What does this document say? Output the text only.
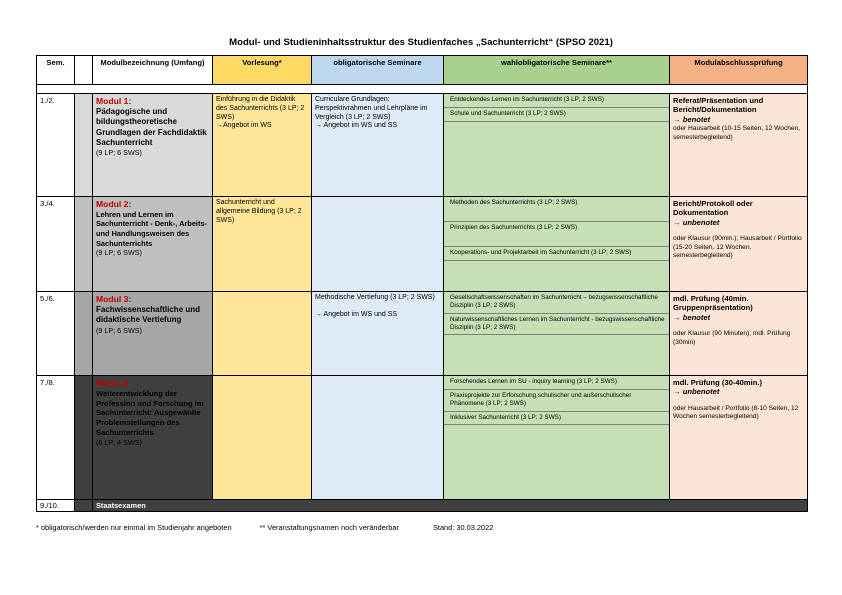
Modul- und Studieninhaltsstruktur des Studienfaches „Sachunterricht“ (SPSO 2021)
Sem.		Modulbezeichnung (Umfang)	Vorlesung*	obligatorische Seminare	wahlobligatorische Seminare**	Modulabschlussprüfung

1./2.		Modul 1:
Pädagogische und bildungstheoretische Grundlagen der Fachdidaktik Sachunterricht
(9 LP; 6 SWS)	Einführung in die Didaktik des Sachunterrichts (3 LP; 2 SWS)
→Angebot im WS	Curriculare Grundlagen: Perspektivrahmen und Lehrpläne im Vergleich (3 LP; 2 SWS)
→ Angebot im WS und SS	Entdeckendes Lernen im Sachunterricht (3 LP; 2 SWS)
Schule und Sachunterricht (3 LP; 2 SWS)	Referat/Präsentation und Bericht/Dokumentation
→ benotet
oder Hausarbeit (10-15 Seiten, 12 Wochen, semesterbegleitend)

3./4.		Modul 2:
Lehren und Lernen im Sachunterricht - Denk-, Arbeits- und Handlungsweisen des Sachunterrichts
(9 LP; 6 SWS)	Sachunterricht und allgemeine Bildung (3 LP; 2 SWS)		Methoden des Sachunterrichts (3 LP; 2 SWS)
Prinzipien des Sachunterrichts (3 LP; 2 SWS)
Kooperations- und Projektarbeit im Sachunterricht (3 LP; 2 SWS)	Bericht/Protokoll oder Dokumentation
→ unbenotet
oder Klausur (90min.); Hausarbeit / Portfolio (15-20 Seiten, 12 Wochen, semesterbegleitend)

5./6.		Modul 3:
Fachwissenschaftliche und didaktische Vertiefung
(9 LP; 6 SWS)		Methodische Vertiefung (3 LP; 2 SWS)
→ Angebot im WS und SS	Gesellschaftswissenschaften im Sachunterricht – bezugswissenschaftliche Disziplin (3 LP; 2 SWS)
Naturwissenschaftliches Lernen im Sachunterricht - bezugswissenschaftliche Disziplin (3 LP; 2 SWS)	mdl. Prüfung (40min. Gruppenpräsentation)
→ benotet
oder Klausur (90 Minuten); mdl. Prüfung (30min)

7./8.		Modul 4:
Weiterentwicklung der Profession und Forschung im Sachunterricht: Ausgewählte Problemstellungen des Sachunterrichts
(6 LP; 4 SWS)			Forschendes Lernen im SU - inquiry learning (3 LP; 2 SWS)
Praxisprojekte zur Erforschung schulischer und außerschulischer Phänomene (3 LP; 2 SWS)
Inklusiver Sachunterricht (3 LP; 2 SWS)	mdl. Prüfung (30-40min.)
→ unbenotet
oder Hausarbeit / Portfolio (8-10 Seiten, 12 Wochen semesterbegleitend)

9./10.		Staatsexamen				
* obligatorisch/werden nur einmal im Studienjahr angeboten	** Veranstaltungsnamen noch veränderbar	Stand: 30.03.2022
